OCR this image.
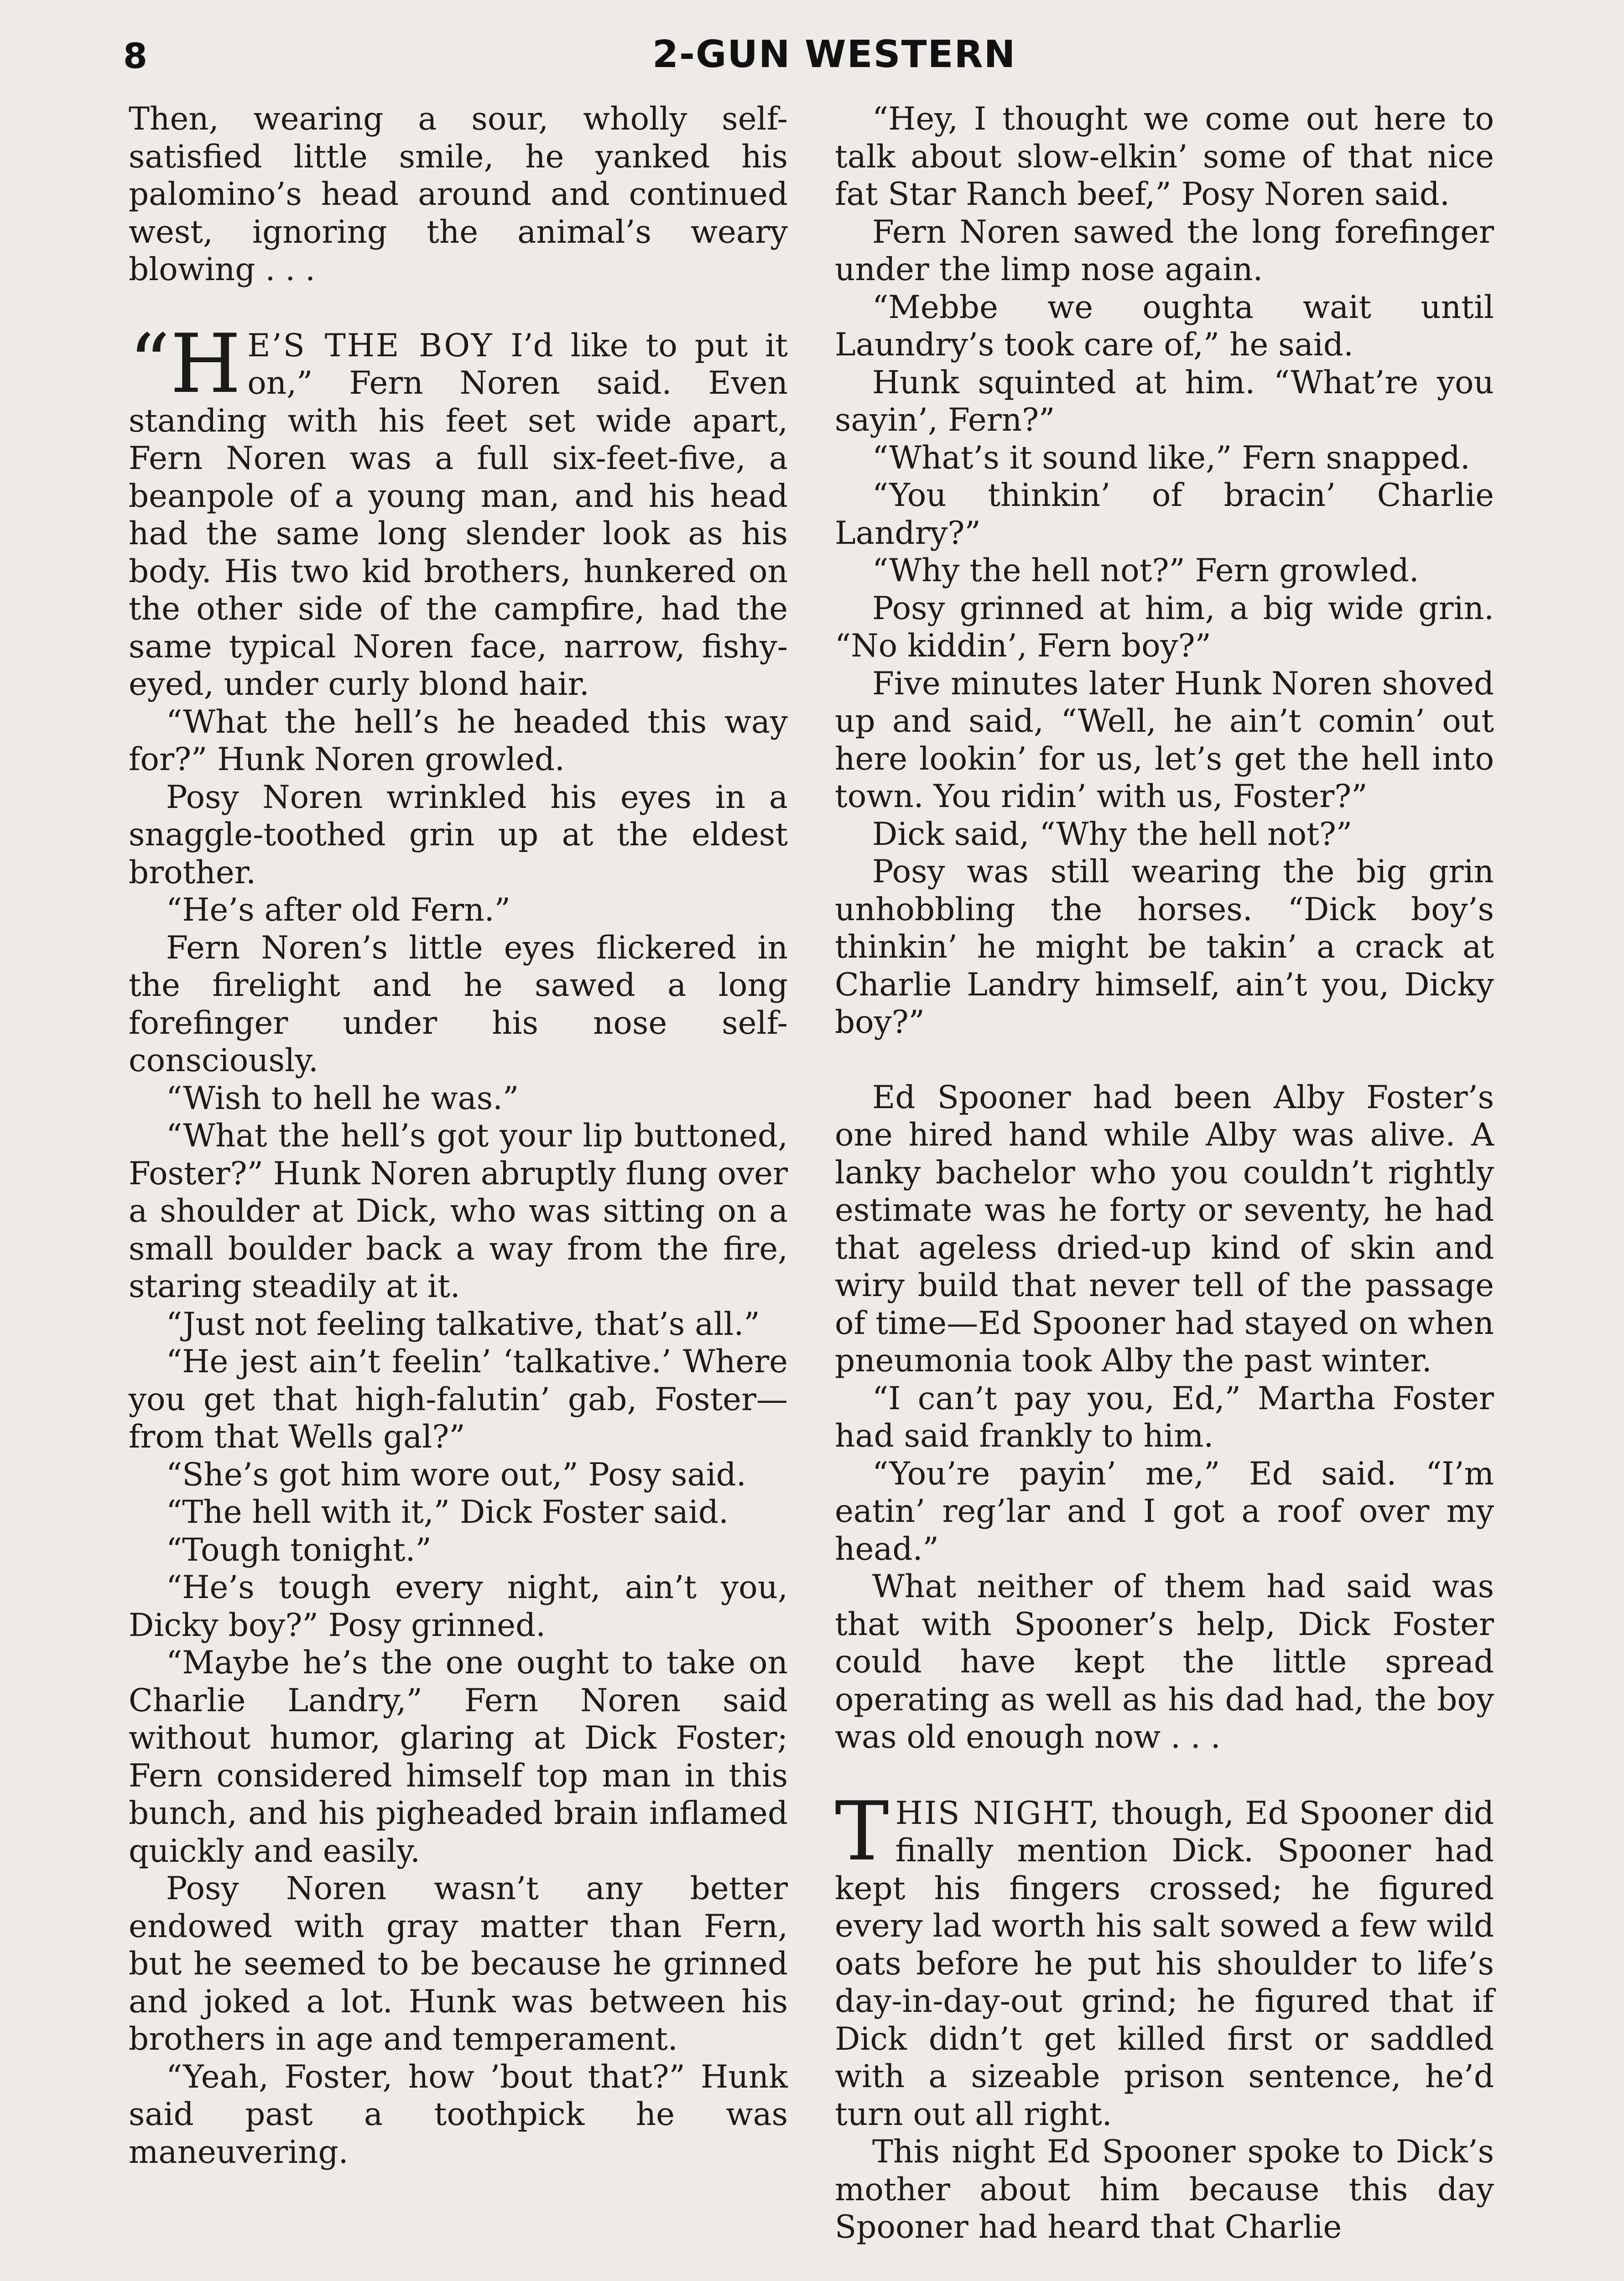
8	2-GUN WESTERN

Then, wearing a sour, wholly self-satisfied little smile, he yanked his palomino’s head around and continued west, ignoring the animal’s weary blowing . . .

“H E’S THE BOY I’d like to put it on,” Fern Noren said. Even standing with his feet set wide apart, Fern Noren was a full six-feet-five, a beanpole of a young man, and his head had the same long slender look as his body. His two kid brothers, hunkered on the other side of the campfire, had the same typical Noren face, narrow, fishy-eyed, under curly blond hair.

“What the hell’s he headed this way for?” Hunk Noren growled.

Posy Noren wrinkled his eyes in a snaggle-toothed grin up at the eldest brother.

“He’s after old Fern.”

Fern Noren’s little eyes flickered in the firelight and he sawed a long forefinger under his nose self-consciously.

“Wish to hell he was.”

“What the hell’s got your lip buttoned, Foster?” Hunk Noren abruptly flung over a shoulder at Dick, who was sitting on a small boulder back a way from the fire, staring steadily at it.

“Just not feeling talkative, that’s all.”

“He jest ain’t feelin’ ‘talkative.’ Where you get that high-falutin’ gab, Foster—from that Wells gal?”

“She’s got him wore out,” Posy said.

“The hell with it,” Dick Foster said.

“Tough tonight.”

“He’s tough every night, ain’t you, Dicky boy?” Posy grinned.

“Maybe he’s the one ought to take on Charlie Landry,” Fern Noren said without humor, glaring at Dick Foster; Fern considered himself top man in this bunch, and his pigheaded brain inflamed quickly and easily.

Posy Noren wasn’t any better endowed with gray matter than Fern, but he seemed to be because he grinned and joked a lot. Hunk was between his brothers in age and temperament.

“Yeah, Foster, how ’bout that?” Hunk said past a toothpick he was maneuvering.

“Hey, I thought we come out here to talk about slow-elkin’ some of that nice fat Star Ranch beef,” Posy Noren said.

Fern Noren sawed the long forefinger under the limp nose again.

“Mebbe we oughta wait until Laundry’s took care of,” he said.

Hunk squinted at him. “What’re you sayin’, Fern?”

“What’s it sound like,” Fern snapped.

“You thinkin’ of bracin’ Charlie Landry?”

“Why the hell not?” Fern growled.

Posy grinned at him, a big wide grin. “No kiddin’, Fern boy?”

Five minutes later Hunk Noren shoved up and said, “Well, he ain’t comin’ out here lookin’ for us, let’s get the hell into town. You ridin’ with us, Foster?”

Dick said, “Why the hell not?”

Posy was still wearing the big grin unhobbling the horses. “Dick boy’s thinkin’ he might be takin’ a crack at Charlie Landry himself, ain’t you, Dicky boy?”

Ed Spooner had been Alby Foster’s one hired hand while Alby was alive. A lanky bachelor who you couldn’t rightly estimate was he forty or seventy, he had that ageless dried-up kind of skin and wiry build that never tell of the passage of time—Ed Spooner had stayed on when pneumonia took Alby the past winter.

“I can’t pay you, Ed,” Martha Foster had said frankly to him.

“You’re payin’ me,” Ed said. “I’m eatin’ reg’lar and I got a roof over my head.”

What neither of them had said was that with Spooner’s help, Dick Foster could have kept the little spread operating as well as his dad had, the boy was old enough now . . .

THIS NIGHT, though, Ed Spooner did finally mention Dick. Spooner had kept his fingers crossed; he figured every lad worth his salt sowed a few wild oats before he put his shoulder to life’s day-in-day-out grind; he figured that if Dick didn’t get killed first or saddled with a sizeable prison sentence, he’d turn out all right.

This night Ed Spooner spoke to Dick’s mother about him because this day Spooner had heard that Charlie
